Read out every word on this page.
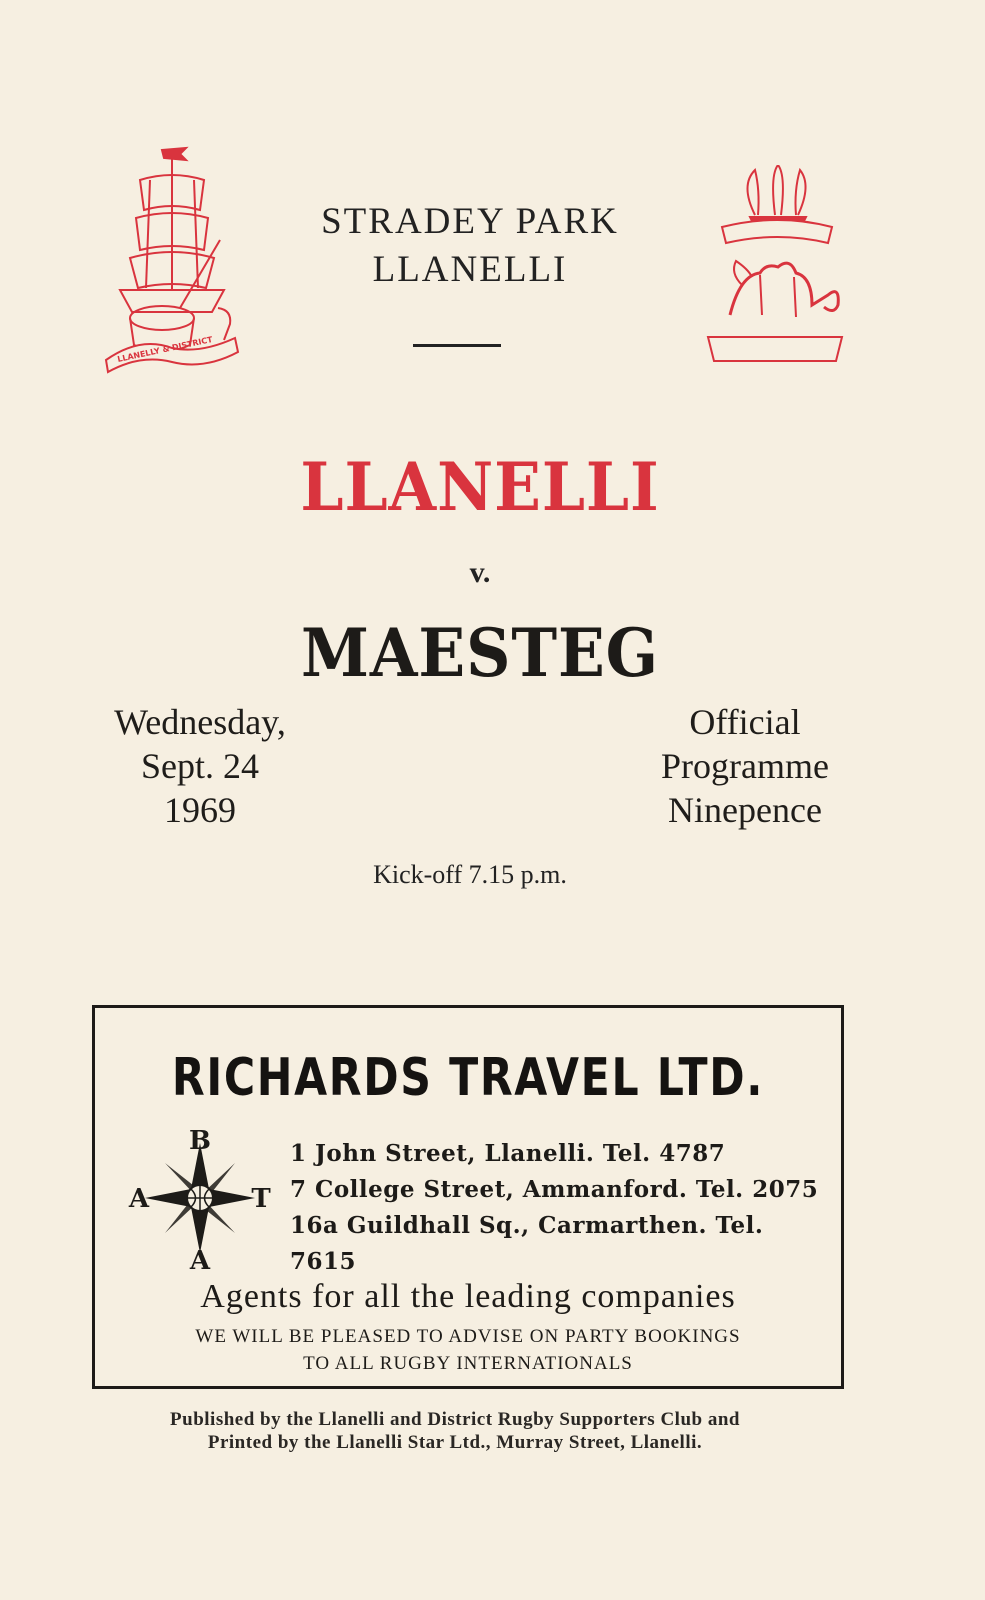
LLANELLY & DISTRICT
STRADEY PARK
LLANELLI
LLANELLI
v.
MAESTEG
Wednesday,
Sept. 24
1969
Official
Programme
Ninepence
Kick-off 7.15 p.m.
RICHARDS TRAVEL LTD.
B
A	T
A
1 John Street, Llanelli. Tel. 4787
7 College Street, Ammanford. Tel. 2075
16a Guildhall Sq., Carmarthen. Tel. 7615
Agents for all the leading companies
WE WILL BE PLEASED TO ADVISE ON PARTY BOOKINGS
TO ALL RUGBY INTERNATIONALS
Published by the Llanelli and District Rugby Supporters Club and
Printed by the Llanelli Star Ltd., Murray Street, Llanelli.
